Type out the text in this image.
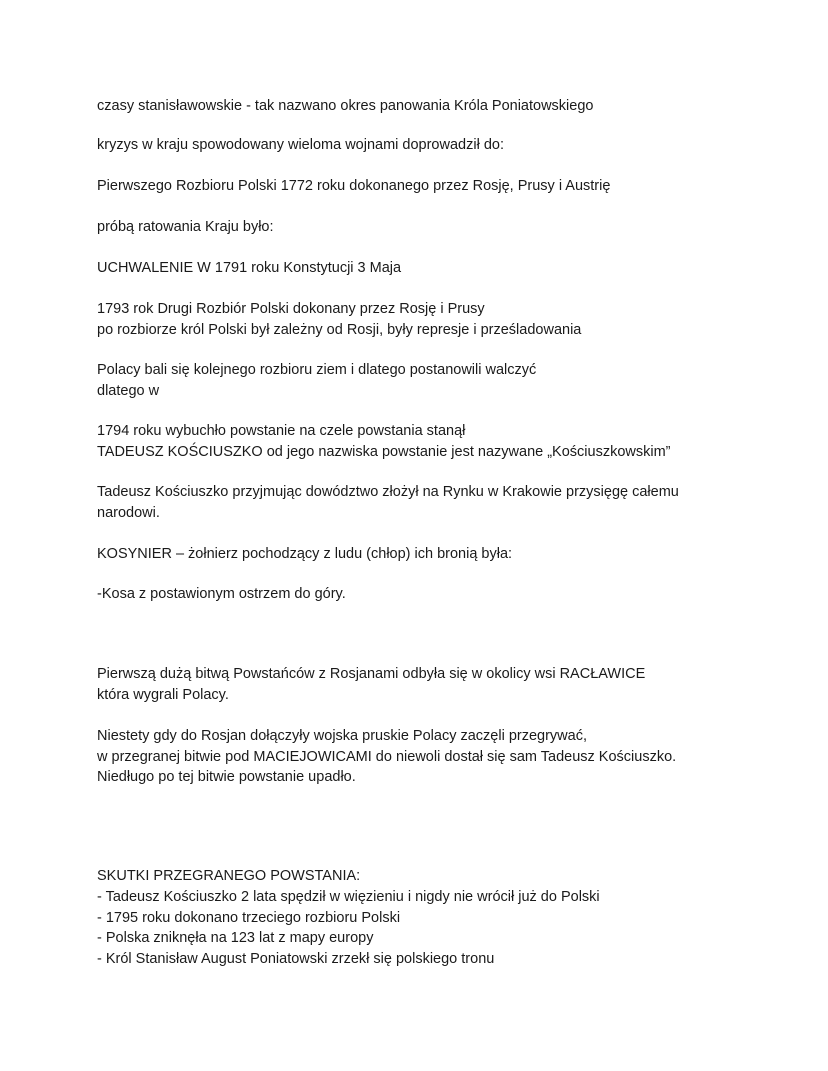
czasy stanisławowskie - tak nazwano okres panowania Króla Poniatowskiego
kryzys w kraju spowodowany wieloma wojnami doprowadził do:
Pierwszego Rozbioru Polski 1772 roku dokonanego przez Rosję, Prusy i Austrię
próbą ratowania Kraju było:
UCHWALENIE W 1791 roku Konstytucji 3 Maja
1793 rok Drugi Rozbiór Polski dokonany przez Rosję i Prusy
po rozbiorze król Polski był zależny od Rosji, były represje i prześladowania
Polacy bali się kolejnego rozbioru ziem i dlatego postanowili walczyć
dlatego w
1794 roku wybuchło powstanie na czele powstania stanął
TADEUSZ KOŚCIUSZKO od jego nazwiska powstanie jest nazywane „Kościuszkowskim”
Tadeusz Kościuszko przyjmując dowództwo złożył na Rynku w Krakowie przysięgę całemu
narodowi.
KOSYNIER – żołnierz pochodzący z ludu (chłop) ich bronią była:
-Kosa z postawionym ostrzem do góry.
Pierwszą dużą bitwą Powstańców z Rosjanami odbyła się w okolicy wsi RACŁAWICE
która wygrali Polacy.
Niestety gdy do Rosjan dołączyły wojska pruskie Polacy zaczęli przegrywać,
w przegranej bitwie pod MACIEJOWICAMI do niewoli dostał się sam Tadeusz Kościuszko.
Niedługo po tej bitwie powstanie upadło.
SKUTKI PRZEGRANEGO POWSTANIA:
- Tadeusz Kościuszko 2 lata spędził w więzieniu i nigdy nie wrócił już do Polski
- 1795 roku dokonano trzeciego rozbioru Polski
- Polska zniknęła na 123 lat z mapy europy
- Król Stanisław August Poniatowski zrzekł się polskiego tronu
